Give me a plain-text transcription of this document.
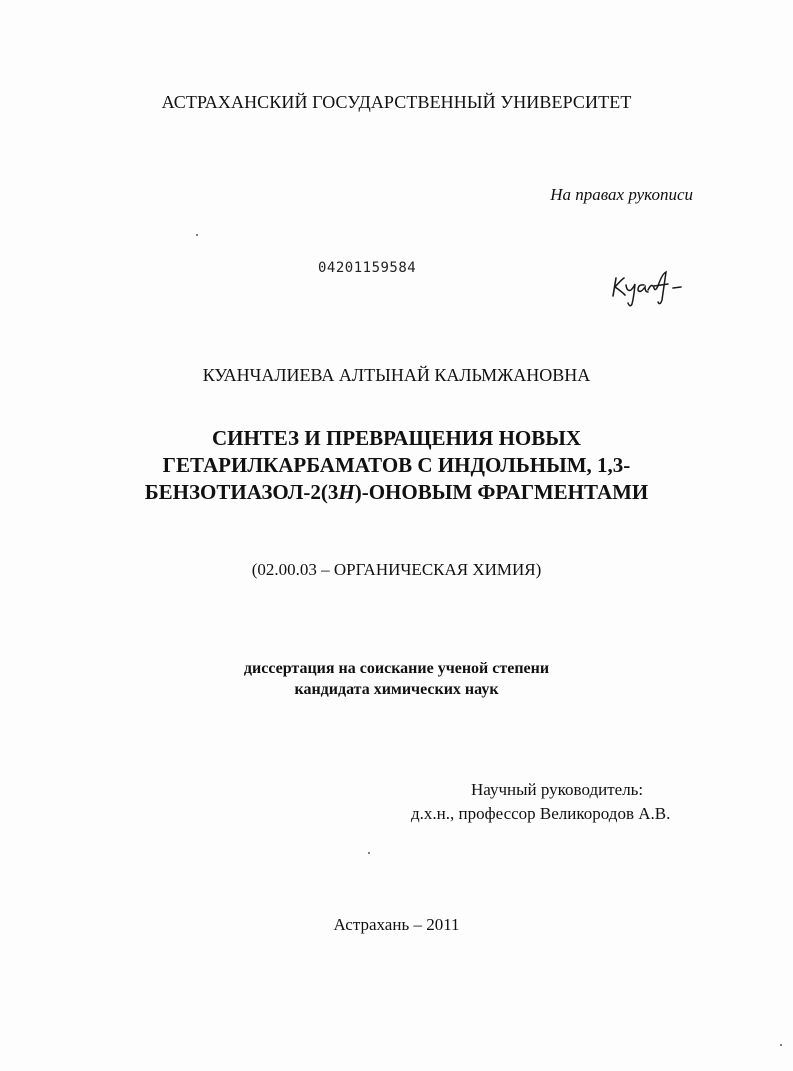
АСТРАХАНСКИЙ ГОСУДАРСТВЕННЫЙ УНИВЕРСИТЕТ
На правах рукописи
04201159584
КУАНЧАЛИЕВА АЛТЫНАЙ КАЛЬМЖАНОВНА
СИНТЕЗ И ПРЕВРАЩЕНИЯ НОВЫХ
ГЕТАРИЛКАРБАМАТОВ С ИНДОЛЬНЫМ, 1,3-
БЕНЗОТИАЗОЛ-2(3H)-ОНОВЫМ ФРАГМЕНТАМИ
(02.00.03 – ОРГАНИЧЕСКАЯ ХИМИЯ)
диссертация на соискание ученой степени
кандидата химических наук
Научный руководитель:
д.х.н., профессор Великородов А.В.
Астрахань – 2011
